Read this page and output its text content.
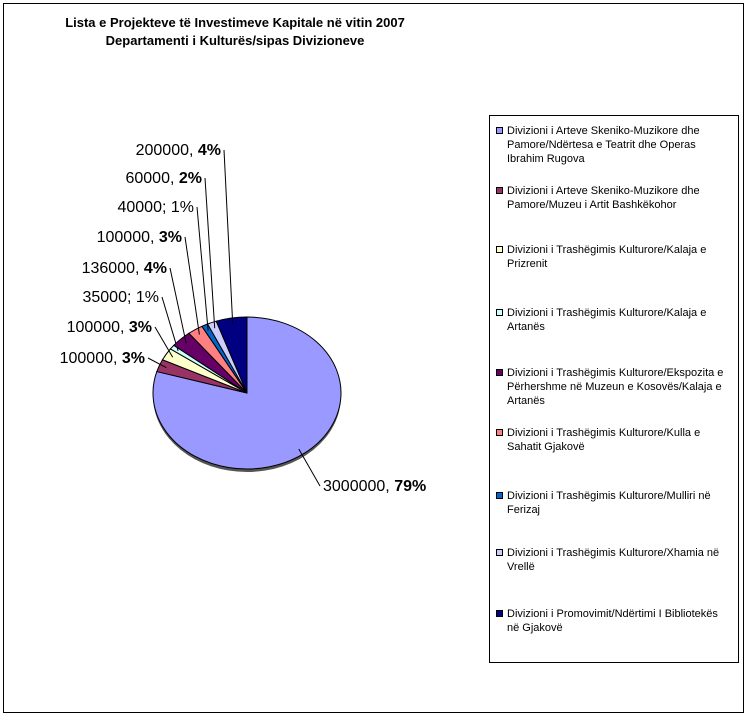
Lista e Projekteve të Investimeve Kapitale në vitin 2007
Departamenti i Kulturës/sipas Divizioneve
3000000, 79%
100000, 3%
100000, 3%
35000; 1%
136000, 4%
100000, 3%
40000; 1%
60000, 2%
200000, 4%
Divizioni i Arteve Skeniko-Muzikore dhe Pamore/Ndërtesa e Teatrit dhe Operas Ibrahim Rugova
Divizioni i Arteve Skeniko-Muzikore dhe Pamore/Muzeu i Artit Bashkëkohor
Divizioni i Trashëgimis Kulturore/Kalaja e Prizrenit
Divizioni i Trashëgimis Kulturore/Kalaja e Artanës
Divizioni i Trashëgimis Kulturore/Ekspozita e Përhershme në Muzeun e Kosovës/Kalaja e Artanës
Divizioni i Trashëgimis Kulturore/Kulla e Sahatit Gjakovë
Divizioni i Trashëgimis Kulturore/Mulliri në Ferizaj
Divizioni i Trashëgimis Kulturore/Xhamia në Vrellë
Divizioni i Promovimit/Ndërtimi I Bibliotekës në Gjakovë
